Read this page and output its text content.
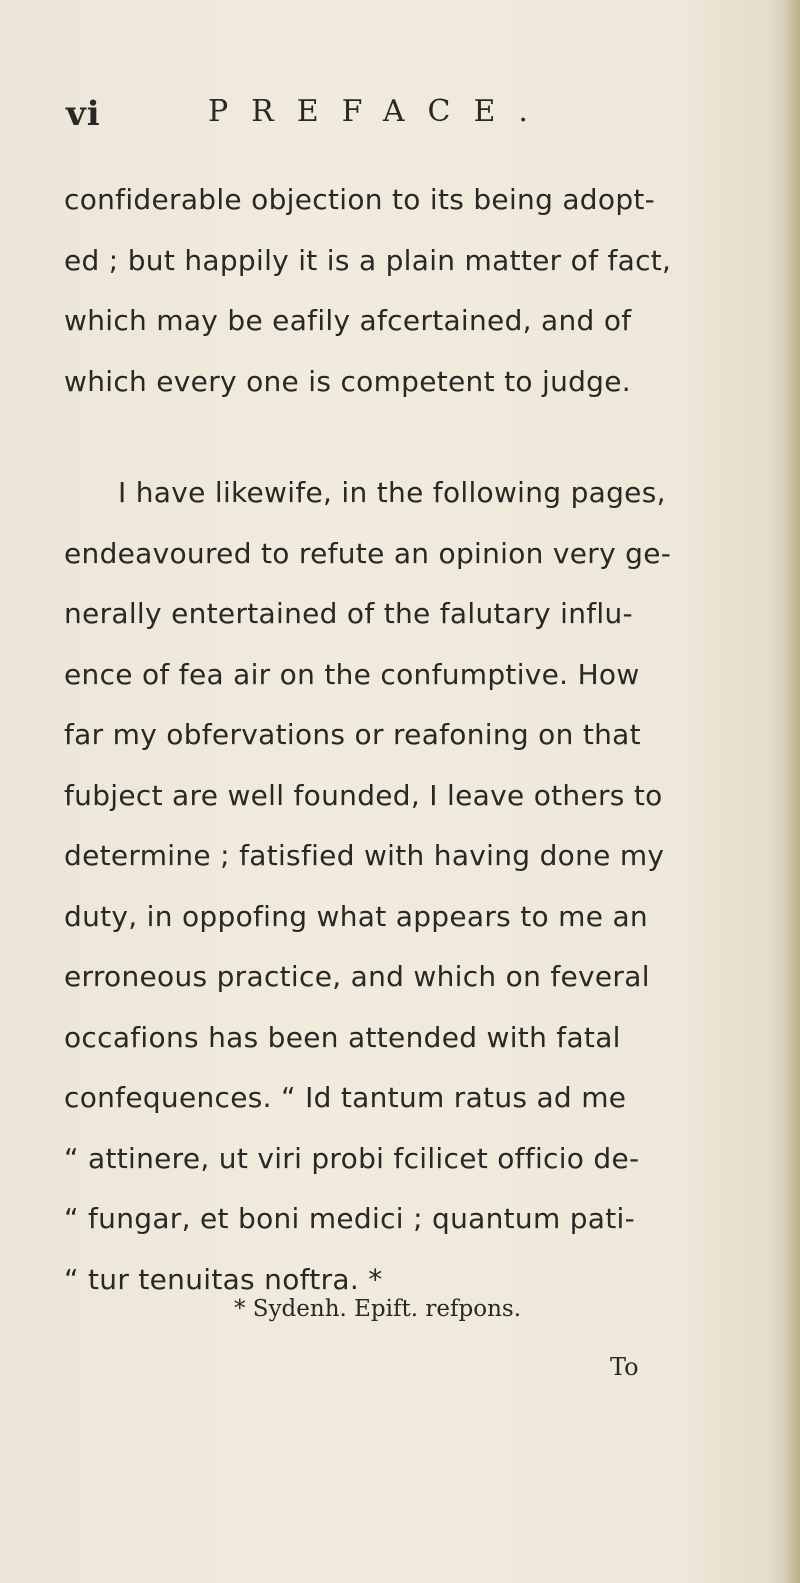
vi	PREFACE.
confiderable objection to its being adopt-
ed ; but happily it is a plain matter of fact,
which may be eafily afcertained, and of
which every one is competent to judge.
I have likewife, in the following pages,
endeavoured to refute an opinion very ge-
nerally entertained of the falutary influ-
ence of fea air on the confumptive. How
far my obfervations or reafoning on that
fubject are well founded, I leave others to
determine ; fatisfied with having done my
duty, in oppofing what appears to me an
erroneous practice, and which on feveral
occafions has been attended with fatal
confequences. “ Id tantum ratus ad me
“ attinere, ut viri probi fcilicet officio de-
“ fungar, et boni medici ; quantum pati-
“ tur tenuitas noftra. *
* Sydenh. Epift. refpons.
To
